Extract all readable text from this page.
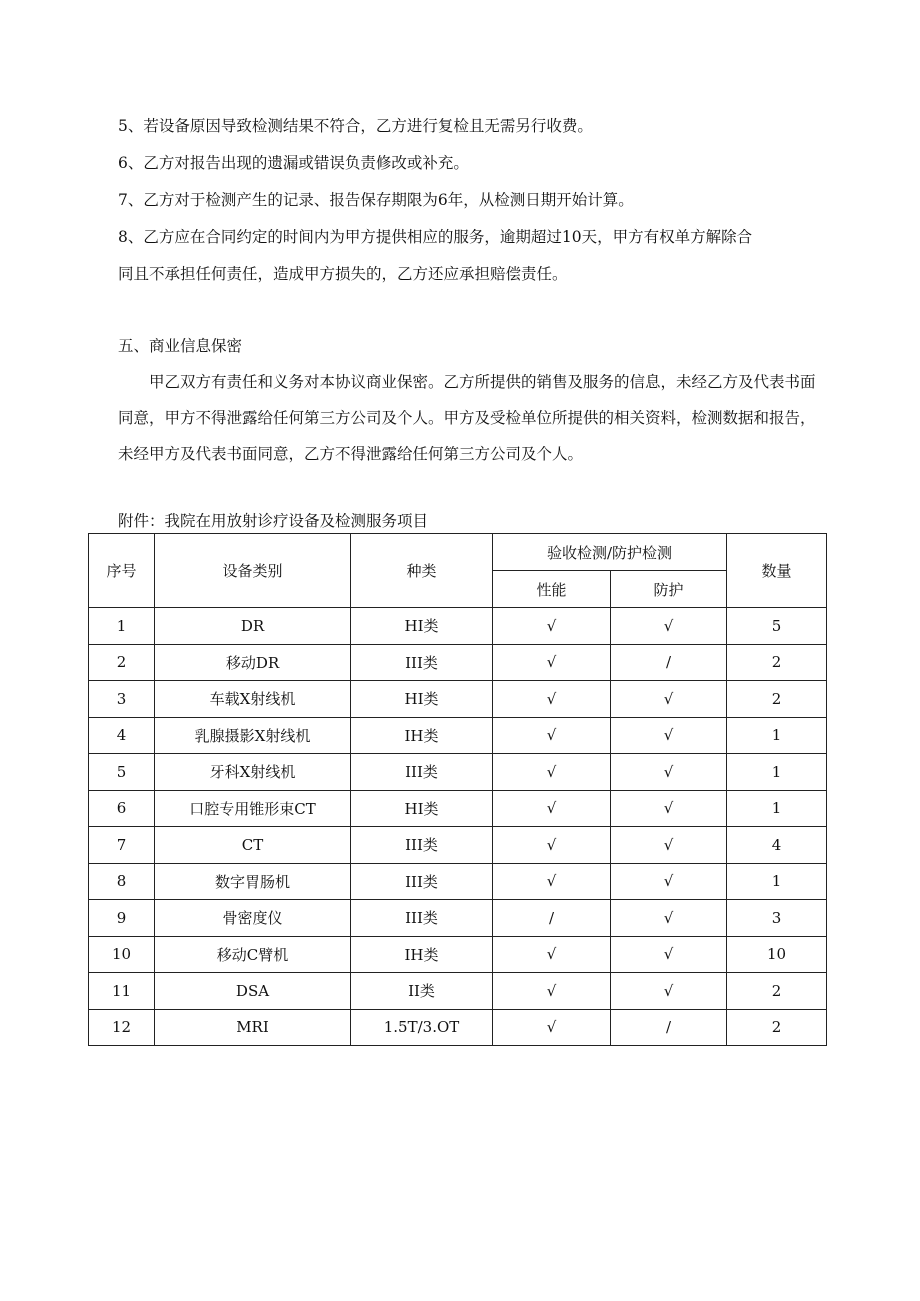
5、若设备原因导致检测结果不符合，乙方进行复检且无需另行收费。
6、乙方对报告出现的遗漏或错误负责修改或补充。
7、乙方对于检测产生的记录、报告保存期限为6年，从检测日期开始计算。
8、乙方应在合同约定的时间内为甲方提供相应的服务，逾期超过10天，甲方有权单方解除合
同且不承担任何责任，造成甲方损失的，乙方还应承担赔偿责任。
五、商业信息保密
甲乙双方有责任和义务对本协议商业保密。乙方所提供的销售及服务的信息，未经乙方及代表书面同意，甲方不得泄露给任何第三方公司及个人。甲方及受检单位所提供的相关资料，检测数据和报告，未经甲方及代表书面同意，乙方不得泄露给任何第三方公司及个人。
附件：我院在用放射诊疗设备及检测服务项目
序号	设备类别	种类	验收检测/防护检测		数量
			性能	防护	
1	DR	HI类	√	√	5
2	移动DR	III类	√	/	2
3	车载X射线机	HI类	√	√	2
4	乳腺摄影X射线机	IH类	√	√	1
5	牙科X射线机	III类	√	√	1
6	口腔专用锥形束CT	HI类	√	√	1
7	CT	III类	√	√	4
8	数字胃肠机	III类	√	√	1
9	骨密度仪	III类	/	√	3
10	移动C臂机	IH类	√	√	10
11	DSA	II类	√	√	2
12	MRI	1.5T/3.OT	√	/	2
